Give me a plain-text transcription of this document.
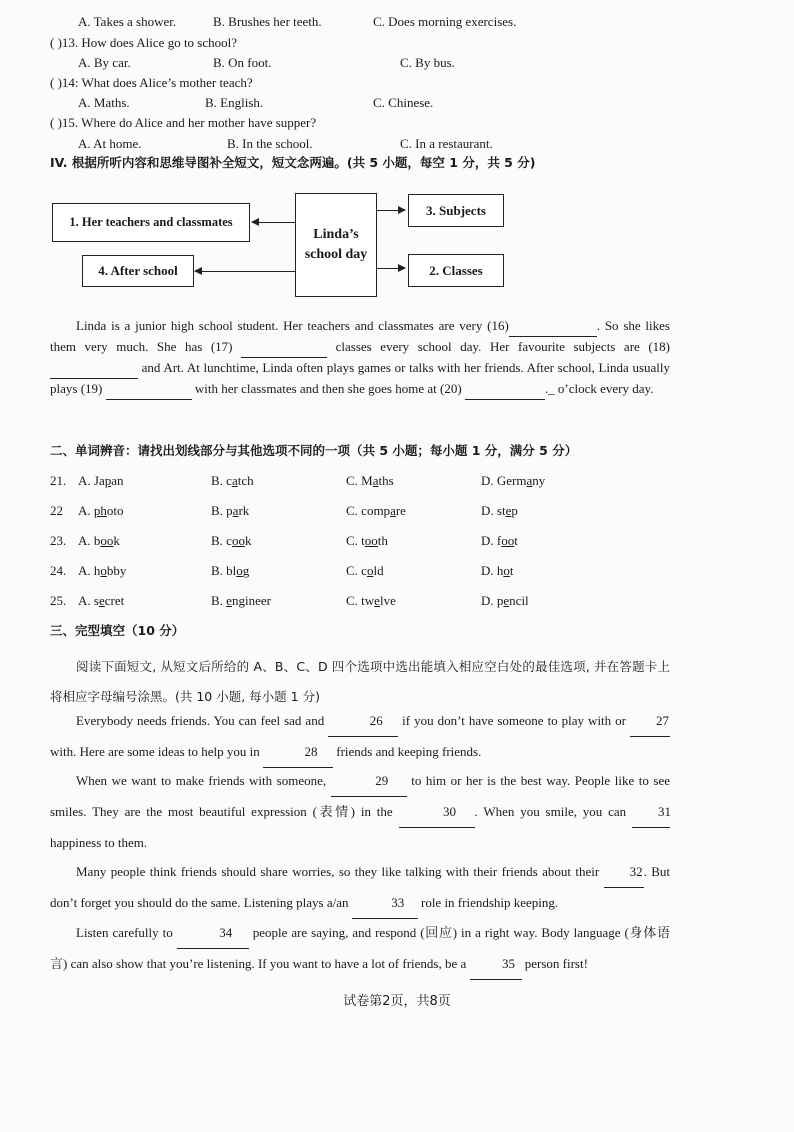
A. Takes a shower.	B. Brushes her teeth.	C. Does morning exercises.
( )13. How does Alice go to school?
A. By car.	B. On foot.	C. By bus.
( )14: What does Alice’s mother teach?
A. Maths.	B. English.	C. Chinese.
( )15. Where do Alice and her mother have supper?
A. At home.	B. In the school.	C. In a restaurant.
IV. 根据所听内容和思维导图补全短文，短文念两遍。(共 5 小题，每空 1 分，共 5 分)
1. Her teachers and classmates
4. After school
Linda’s school day
3. Subjects
2. Classes
Linda is a junior high school student. Her teachers and classmates are very (16)	. So she likes them very much. She has (17)	classes every school day. Her favourite subjects are (18)  and Art. At lunchtime, Linda often plays games or talks with her friends. After school, Linda usually plays (19)	with her classmates and then she goes home at (20)	._ o’clock every day.
二、单词辨音：请找出划线部分与其他选项不同的一项（共 5 小题；每小题 1 分，满分 5 分）
21. A. Japan	B. catch	C. Maths	D. Germany
22 A. photo	B. park	C. compare	D. step
23. A. book	B. cook	C. tooth	D. foot
24. A. hobby	B. blog	C. cold	D. hot
25. A. secret	B. engineer	C. twelve	D. pencil
三、完型填空（10 分）
阅读下面短文, 从短文后所给的 A、B、C、D 四个选项中选出能填入相应空白处的最佳选项, 并在答题卡上将相应字母编号涂黑。(共 10 小题, 每小题 1 分)
Everybody needs friends. You can feel sad and	26 if you don’t have someone to play with or 27 with. Here are some ideas to help you in	28 friends and keeping friends.
When we want to make friends with someone,	29 to him or her is the best way. People like to see smiles. They are the most beautiful expression (表情) in the	30 . When you smile, you can 31 happiness to them.
Many people think friends should share worries, so they like talking with their friends about their 32. But don’t forget you should do the same. Listening plays a/an	33 role in friendship keeping.
Listen carefully to	34 people are saying, and respond (回应) in a right way. Body language (身体语言) can also show that you’re listening. If you want to have a lot of friends, be a	35 person first!
试卷第2页，共8页
